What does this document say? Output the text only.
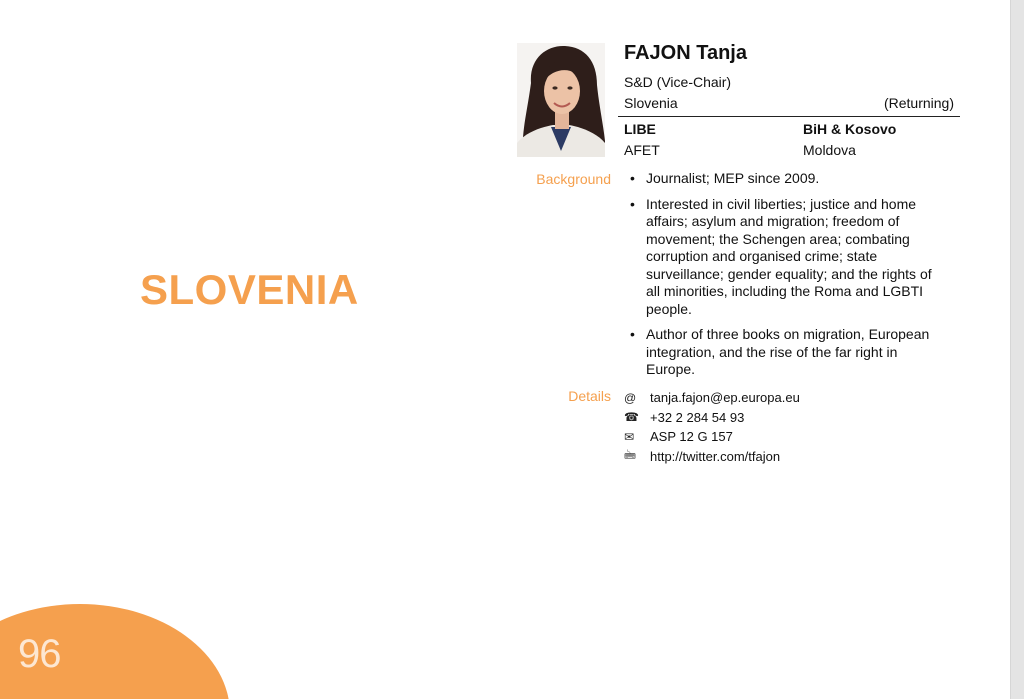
SLOVENIA
FAJON Tanja
S&D (Vice-Chair)
Slovenia	(Returning)
LIBE	BiH & Kosovo
AFET	Moldova
Background
•	Journalist; MEP since 2009.
• Interested in civil liberties; justice and home affairs; asylum and migration; freedom of movement; the Schengen area; combating corruption and organised crime; state surveillance; gender equality; and the rights of all minorities, including the Roma and LGBTI people.
• Author of three books on migration, European integration, and the rise of the far right in Europe.
Details @	tanja.fajon@ep.europa.eu
☎ +32 2 284 54 93
✉	ASP 12 G 157
🖮	http://twitter.com/tfajon
96
